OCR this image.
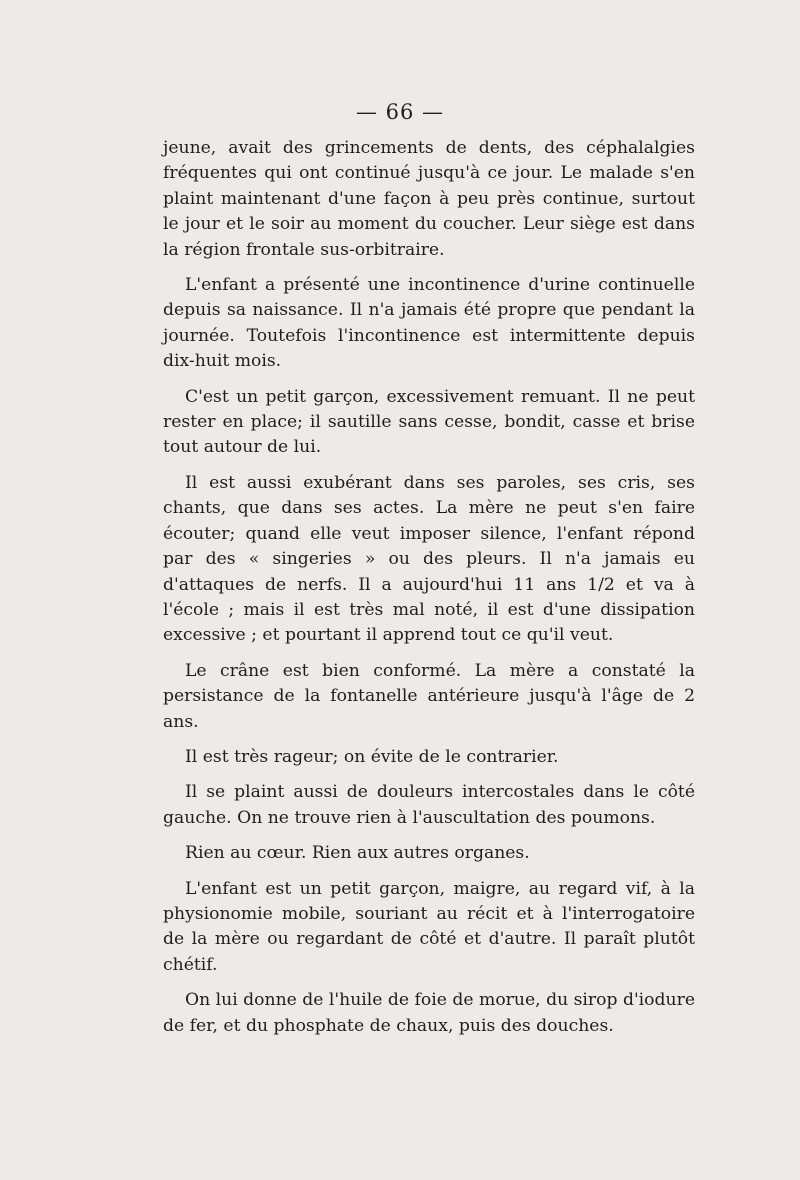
— 66 —

jeune, avait des grincements de dents, des céphalalgies fréquentes qui ont continué jusqu'à ce jour. Le malade s'en plaint maintenant d'une façon à peu près continue, surtout le jour et le soir au moment du coucher. Leur siège est dans la région frontale sus-orbitraire.

L'enfant a présenté une incontinence d'urine continuelle depuis sa naissance. Il n'a jamais été propre que pendant la journée. Toutefois l'incontinence est intermittente depuis dix-huit mois.

C'est un petit garçon, excessivement remuant. Il ne peut rester en place; il sautille sans cesse, bondit, casse et brise tout autour de lui.

Il est aussi exubérant dans ses paroles, ses cris, ses chants, que dans ses actes. La mère ne peut s'en faire écouter; quand elle veut imposer silence, l'enfant répond par des « singeries » ou des pleurs. Il n'a jamais eu d'attaques de nerfs. Il a aujourd'hui 11 ans 1/2 et va à l'école ; mais il est très mal noté, il est d'une dissipation excessive ; et pourtant il apprend tout ce qu'il veut.

Le crâne est bien conformé. La mère a constaté la persistance de la fontanelle antérieure jusqu'à l'âge de 2 ans.

Il est très rageur; on évite de le contrarier.

Il se plaint aussi de douleurs intercostales dans le côté gauche. On ne trouve rien à l'auscultation des poumons.

Rien au cœur. Rien aux autres organes.

L'enfant est un petit garçon, maigre, au regard vif, à la physionomie mobile, souriant au récit et à l'interrogatoire de la mère ou regardant de côté et d'autre. Il paraît plutôt chétif.

On lui donne de l'huile de foie de morue, du sirop d'iodure de fer, et du phosphate de chaux, puis des douches.
